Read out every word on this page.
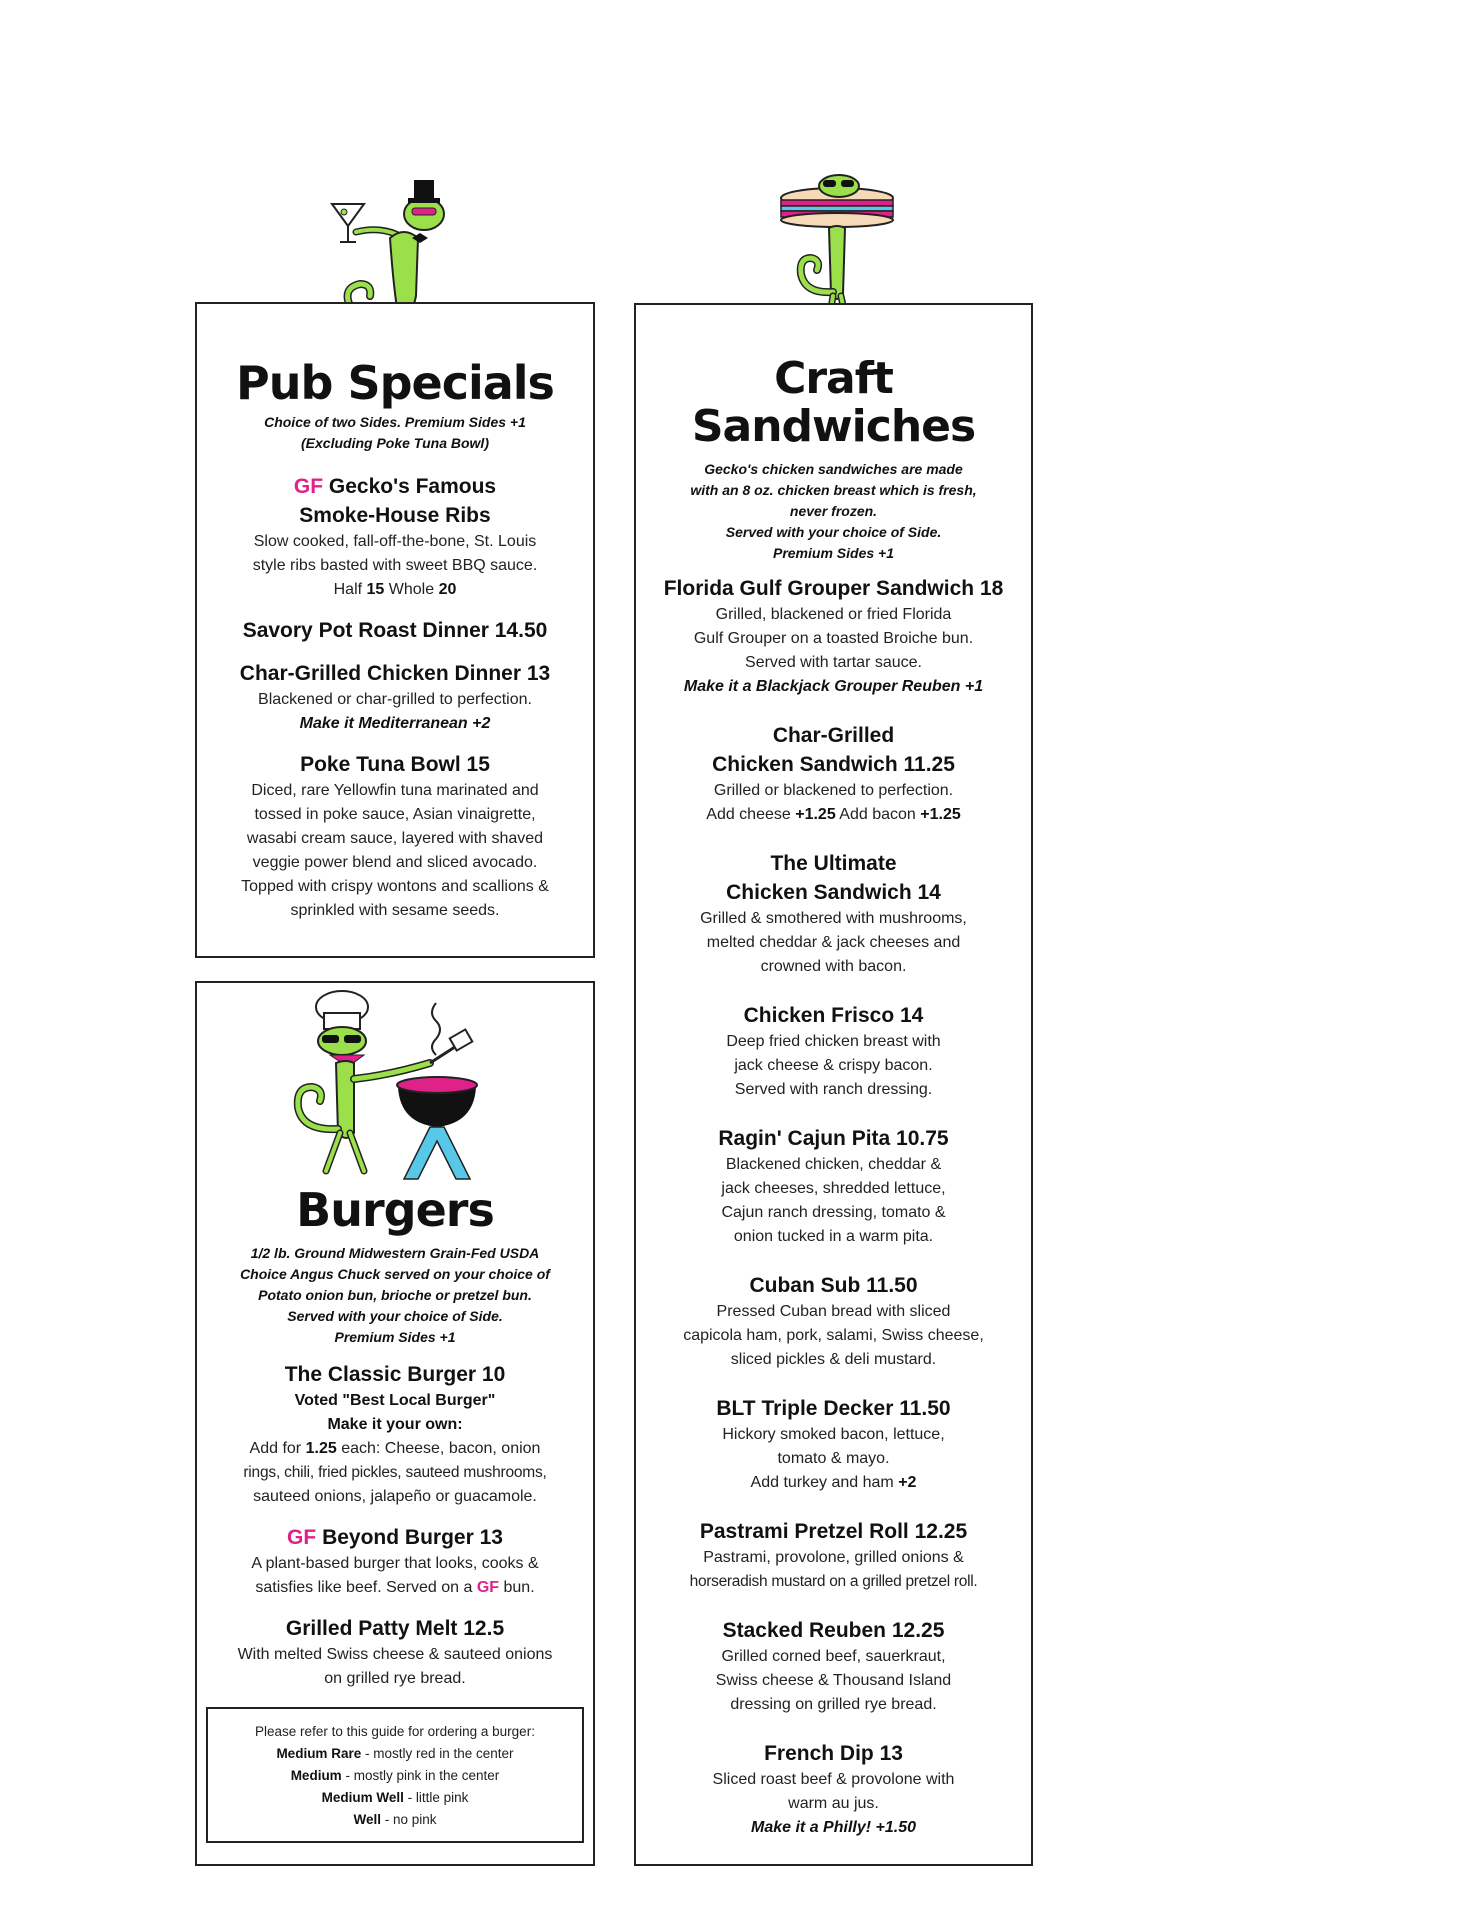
Pub Specials
Choice of two Sides. Premium Sides +1
(Excluding Poke Tuna Bowl)
GF Gecko's Famous
Smoke-House Ribs
Slow cooked, fall-off-the-bone, St. Louis
style ribs basted with sweet BBQ sauce.
Half 15 Whole 20
Savory Pot Roast Dinner 14.50
Char-Grilled Chicken Dinner 13
Blackened or char-grilled to perfection.
Make it Mediterranean +2
Poke Tuna Bowl 15
Diced, rare Yellowfin tuna marinated and
tossed in poke sauce, Asian vinaigrette,
wasabi cream sauce, layered with shaved
veggie power blend and sliced avocado.
Topped with crispy wontons and scallions &
sprinkled with sesame seeds.
Burgers
1/2 lb. Ground Midwestern Grain-Fed USDA
Choice Angus Chuck served on your choice of
Potato onion bun, brioche or pretzel bun.
Served with your choice of Side.
Premium Sides +1
The Classic Burger 10
Voted "Best Local Burger"
Make it your own:
Add for 1.25 each: Cheese, bacon, onion
rings, chili, fried pickles, sauteed mushrooms,
sauteed onions, jalapeño or guacamole.
GF Beyond Burger 13
A plant-based burger that looks, cooks &
satisfies like beef. Served on a GF bun.
Grilled Patty Melt 12.5
With melted Swiss cheese & sauteed onions
on grilled rye bread.
Please refer to this guide for ordering a burger:
Medium Rare - mostly red in the center
Medium - mostly pink in the center
Medium Well - little pink
Well - no pink
Craft
Sandwiches
Gecko's chicken sandwiches are made
with an 8 oz. chicken breast which is fresh,
never frozen.
Served with your choice of Side.
Premium Sides +1
Florida Gulf Grouper Sandwich 18
Grilled, blackened or fried Florida
Gulf Grouper on a toasted Broiche bun.
Served with tartar sauce.
Make it a Blackjack Grouper Reuben +1
Char-Grilled
Chicken Sandwich 11.25
Grilled or blackened to perfection.
Add cheese +1.25 Add bacon +1.25
The Ultimate
Chicken Sandwich 14
Grilled & smothered with mushrooms,
melted cheddar & jack cheeses and
crowned with bacon.
Chicken Frisco 14
Deep fried chicken breast with
jack cheese & crispy bacon.
Served with ranch dressing.
Ragin' Cajun Pita 10.75
Blackened chicken, cheddar &
jack cheeses, shredded lettuce,
Cajun ranch dressing, tomato &
onion tucked in a warm pita.
Cuban Sub 11.50
Pressed Cuban bread with sliced
capicola ham, pork, salami, Swiss cheese,
sliced pickles & deli mustard.
BLT Triple Decker 11.50
Hickory smoked bacon, lettuce,
tomato & mayo.
Add turkey and ham +2
Pastrami Pretzel Roll 12.25
Pastrami, provolone, grilled onions &
horseradish mustard on a grilled pretzel roll.
Stacked Reuben 12.25
Grilled corned beef, sauerkraut,
Swiss cheese & Thousand Island
dressing on grilled rye bread.
French Dip 13
Sliced roast beef & provolone with
warm au jus.
Make it a Philly! +1.50
